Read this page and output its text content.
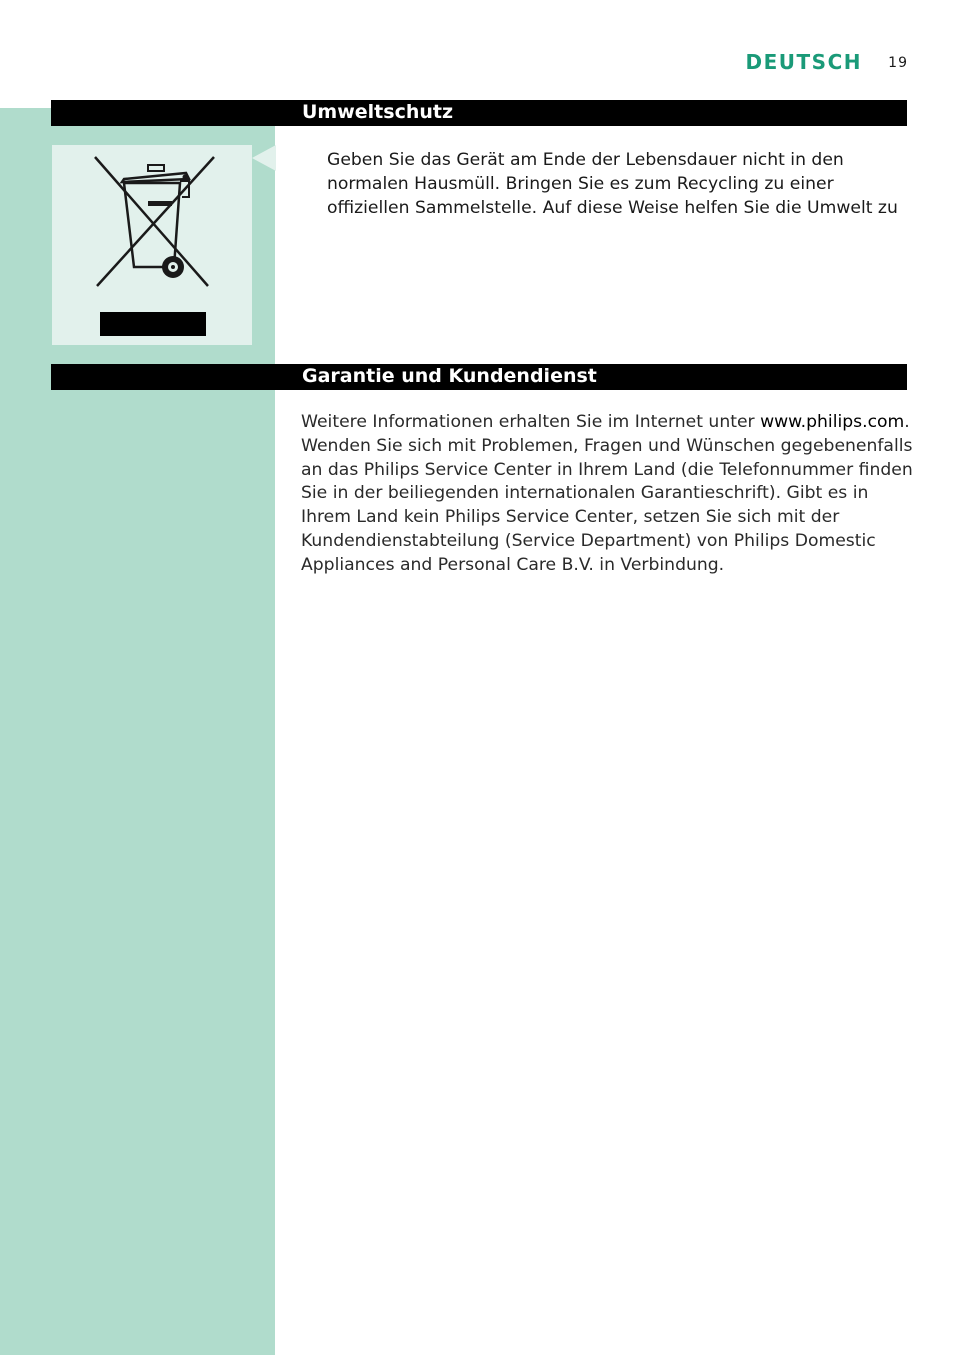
DEUTSCH 19
Umweltschutz
Geben Sie das Gerät am Ende der Lebensdauer nicht in den
normalen Hausmüll. Bringen Sie es zum Recycling zu einer
offiziellen Sammelstelle. Auf diese Weise helfen Sie die Umwelt zu
Garantie und Kundendienst
Weitere Informationen erhalten Sie im Internet unter www.philips.com.
Wenden Sie sich mit Problemen, Fragen und Wünschen gegebenenfalls
an das Philips Service Center in Ihrem Land (die Telefonnummer finden
Sie in der beiliegenden internationalen Garantieschrift). Gibt es in
Ihrem Land kein Philips Service Center, setzen Sie sich mit der
Kundendienstabteilung (Service Department) von Philips Domestic
Appliances and Personal Care B.V. in Verbindung.
